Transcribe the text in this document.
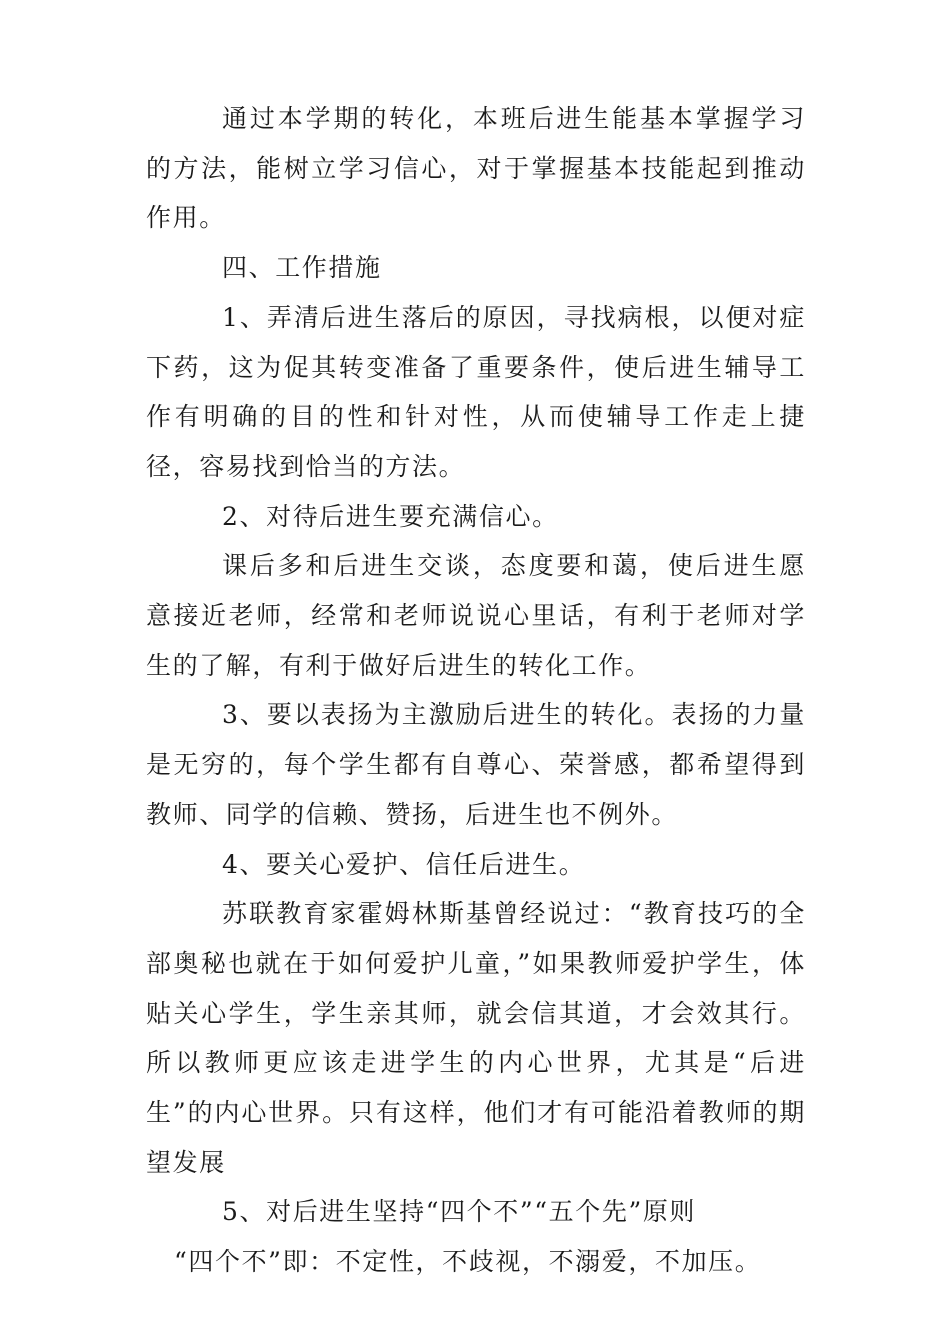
通过本学期的转化，本班后进生能基本掌握学习的方法，能树立学习信心，对于掌握基本技能起到推动作用。

四、工作措施

1、弄清后进生落后的原因，寻找病根，以便对症下药，这为促其转变准备了重要条件，使后进生辅导工作有明确的目的性和针对性，从而使辅导工作走上捷径，容易找到恰当的方法。

2、对待后进生要充满信心。

课后多和后进生交谈，态度要和蔼，使后进生愿意接近老师，经常和老师说说心里话，有利于老师对学生的了解，有利于做好后进生的转化工作。

3、要以表扬为主激励后进生的转化。表扬的力量是无穷的，每个学生都有自尊心、荣誉感，都希望得到教师、同学的信赖、赞扬，后进生也不例外。

4、要关心爱护、信任后进生。

苏联教育家霍姆林斯基曾经说过：“教育技巧的全部奥秘也就在于如何爱护儿童，”如果教师爱护学生，体贴关心学生，学生亲其师，就会信其道，才会效其行。所以教师更应该走进学生的内心世界，尤其是“后进生”的内心世界。只有这样，他们才有可能沿着教师的期望发展

5、对后进生坚持“四个不”“五个先”原则

“四个不”即：不定性，不歧视，不溺爱，不加压。
